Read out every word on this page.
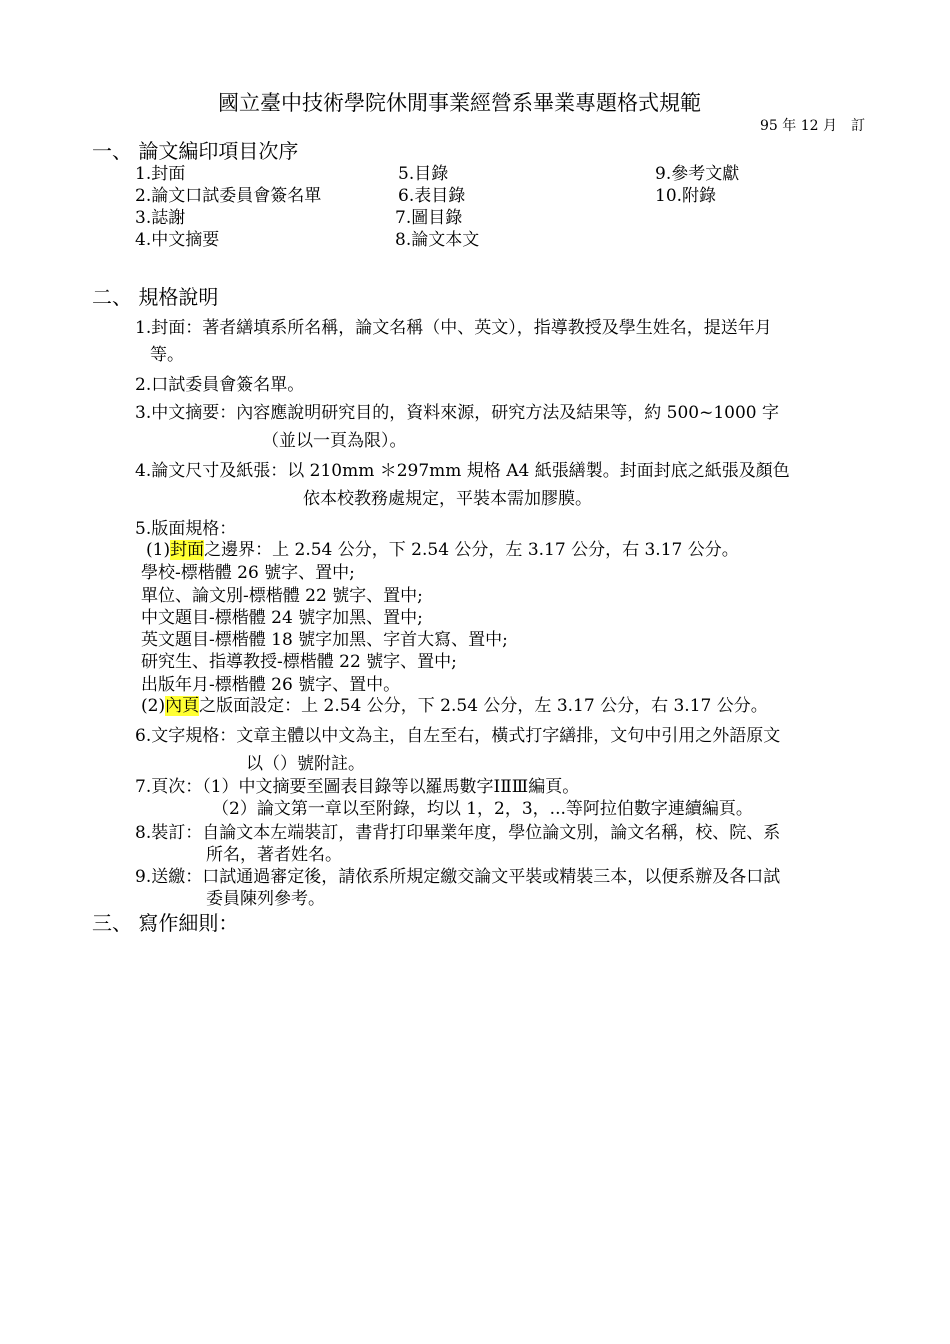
國立臺中技術學院休閒事業經營系畢業專題格式規範
95 年 12 月　訂
一、 論文編印項目次序
1.封面
2.論文口試委員會簽名單
3.誌謝
4.中文摘要
5.目錄
6.表目錄
7.圖目錄
8.論文本文
9.參考文獻
10.附錄
二、 規格說明
1.封面：著者繕填系所名稱，論文名稱（中、英文），指導教授及學生姓名，提送年月
等。
2.口試委員會簽名單。
3.中文摘要：內容應說明研究目的，資料來源，研究方法及結果等，約 500~1000 字
（並以一頁為限）。
4.論文尺寸及紙張：以 210mm ＊297mm 規格 A4 紙張繕製。封面封底之紙張及顏色
依本校教務處規定，平裝本需加膠膜。
5.版面規格：
(1)封面之邊界：上 2.54 公分，下 2.54 公分，左 3.17 公分，右 3.17 公分。
學校-標楷體 26 號字、置中;
單位、論文別-標楷體 22 號字、置中;
中文題目-標楷體 24 號字加黑、置中;
英文題目-標楷體 18 號字加黑、字首大寫、置中;
研究生、指導教授-標楷體 22 號字、置中;
出版年月-標楷體 26 號字、置中。
(2)內頁之版面設定：上 2.54 公分，下 2.54 公分，左 3.17 公分，右 3.17 公分。
6.文字規格：文章主體以中文為主，自左至右，橫式打字繕排，文句中引用之外語原文
以（）號附註。
7.頁次：（1）中文摘要至圖表目錄等以羅馬數字ⅠⅡⅢ編頁。
（2）論文第一章以至附錄，均以 1，2，3，...等阿拉伯數字連續編頁。
8.裝訂：自論文本左端裝訂，書背打印畢業年度，學位論文別，論文名稱，校、院、系
所名，著者姓名。
9.送繳：口試通過審定後，請依系所規定繳交論文平裝或精裝三本，以便系辦及各口試
委員陳列參考。
三、 寫作細則：
